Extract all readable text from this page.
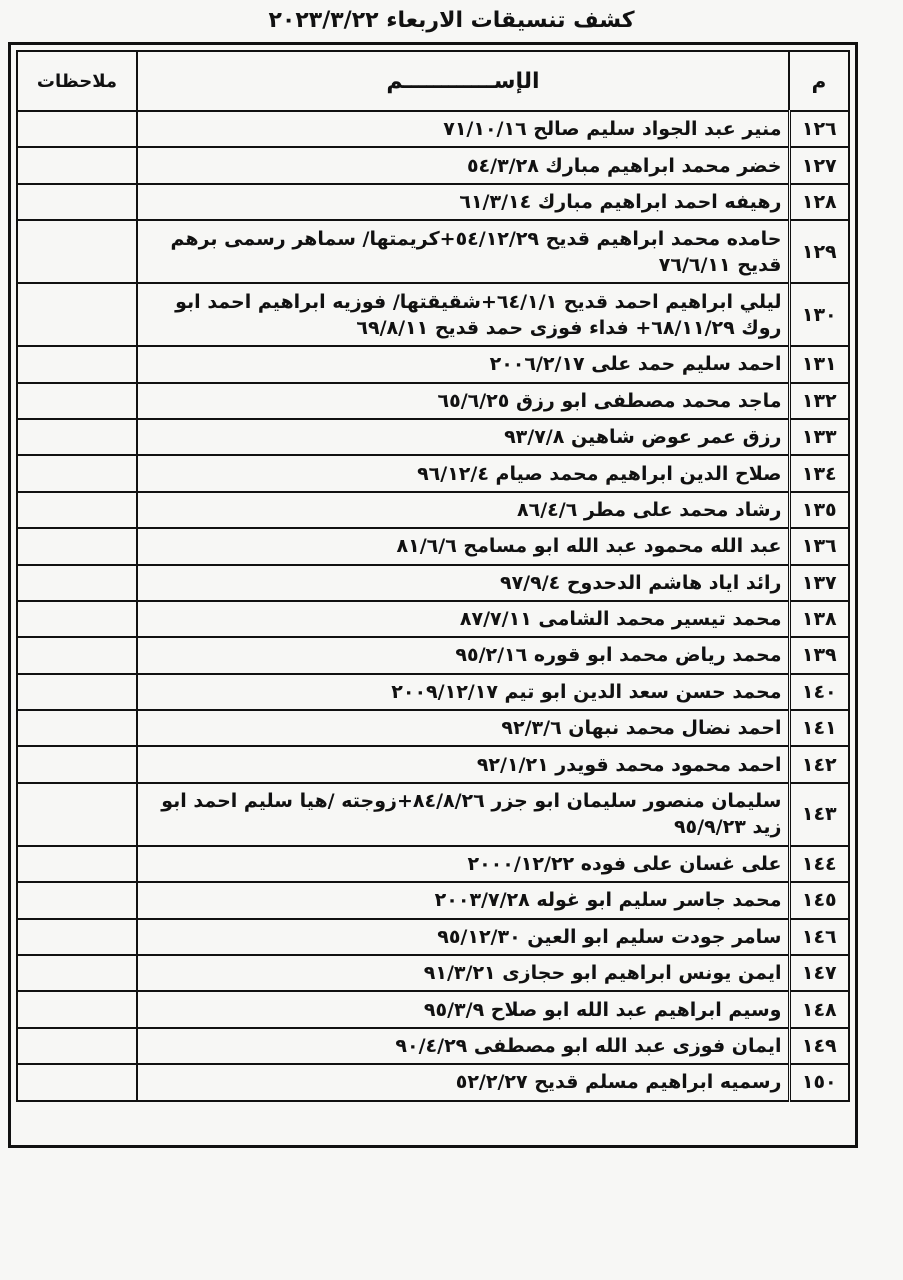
كشف تنسيقات الاربعاء ٢٠٢٣/٣/٢٢
م	الإســــــــــــم	ملاحظات
١٢٦	منير عبد الجواد سليم صالح ٧١/١٠/١٦	
١٢٧	خضر محمد ابراهيم مبارك ٥٤/٣/٢٨	
١٢٨	رهيفه احمد ابراهيم مبارك ٦١/٣/١٤	
١٢٩	حامده محمد ابراهيم قديح ٥٤/١٢/٢٩+كريمتها/ سماهر رسمى برهم قديح ٧٦/٦/١١	
١٣٠	ليلي ابراهيم احمد قديح ٦٤/١/١+شقيقتها/ فوزيه ابراهيم احمد ابو روك ٦٨/١١/٢٩+ فداء فوزى حمد قديح ٦٩/٨/١١	
١٣١	احمد سليم حمد على ٢٠٠٦/٢/١٧	
١٣٢	ماجد محمد مصطفى ابو رزق ٦٥/٦/٢٥	
١٣٣	رزق عمر عوض شاهين ٩٣/٧/٨	
١٣٤	صلاح الدين ابراهيم محمد صيام ٩٦/١٢/٤	
١٣٥	رشاد محمد على مطر ٨٦/٤/٦	
١٣٦	عبد الله محمود عبد الله ابو مسامح ٨١/٦/٦	
١٣٧	رائد اياد هاشم الدحدوح ٩٧/٩/٤	
١٣٨	محمد تيسير محمد الشامى ٨٧/٧/١١	
١٣٩	محمد رياض محمد ابو قوره ٩٥/٢/١٦	
١٤٠	محمد حسن سعد الدين ابو تيم ٢٠٠٩/١٢/١٧	
١٤١	احمد نضال محمد نبهان ٩٢/٣/٦	
١٤٢	احمد محمود محمد قويدر ٩٢/١/٢١	
١٤٣	سليمان منصور سليمان ابو جزر ٨٤/٨/٢٦+زوجته /هيا سليم احمد ابو زيد ٩٥/٩/٢٣	
١٤٤	على غسان على فوده ٢٠٠٠/١٢/٢٢	
١٤٥	محمد جاسر سليم ابو غوله ٢٠٠٣/٧/٢٨	
١٤٦	سامر جودت سليم ابو العين ٩٥/١٢/٣٠	
١٤٧	ايمن يونس ابراهيم ابو حجازى ٩١/٣/٢١	
١٤٨	وسيم ابراهيم عبد الله ابو صلاح ٩٥/٣/٩	
١٤٩	ايمان فوزى عبد الله ابو مصطفى ٩٠/٤/٢٩	
١٥٠	رسميه ابراهيم مسلم قديح ٥٢/٢/٢٧	
